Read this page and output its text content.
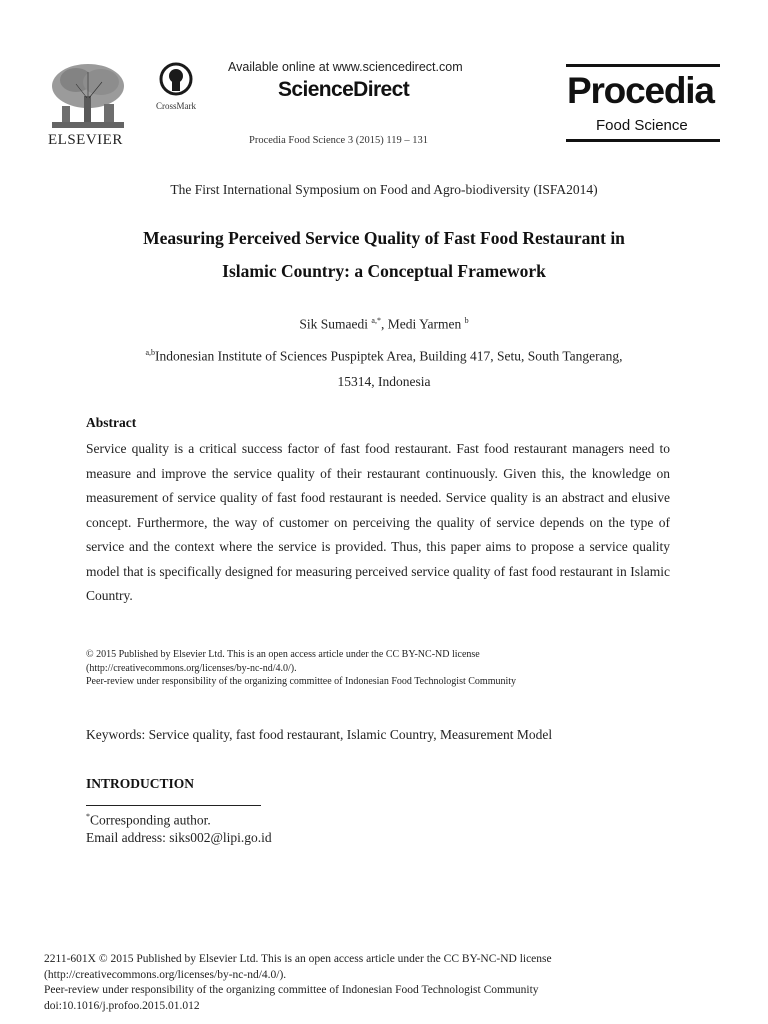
ELSEVIER
CrossMark
Available online at www.sciencedirect.com
ScienceDirect
Procedia Food Science 3 (2015) 119 – 131
Procedia
Food Science
The First International Symposium on Food and Agro-biodiversity (ISFA2014)
Measuring Perceived Service Quality of Fast Food Restaurant in
Islamic Country: a Conceptual Framework
Sik Sumaedi $^{a,*}$, Medi Yarmen $^b$
$^{a,b}$Indonesian Institute of Sciences Puspiptek Area, Building 417, Setu, South Tangerang,
15314, Indonesia
Abstract
Service quality is a critical success factor of fast food restaurant. Fast food restaurant managers need to measure and improve the service quality of their restaurant continuously. Given this, the knowledge on measurement of service quality of fast food restaurant is needed. Service quality is an abstract and elusive concept. Furthermore, the way of customer on perceiving the quality of service depends on the type of service and the context where the service is provided. Thus, this paper aims to propose a service quality model that is specifically designed for measuring perceived service quality of fast food restaurant in Islamic Country.
© 2015 Published by Elsevier Ltd. This is an open access article under the CC BY-NC-ND license
(http://creativecommons.org/licenses/by-nc-nd/4.0/).
Peer-review under responsibility of the organizing committee of Indonesian Food Technologist Community
Keywords: Service quality, fast food restaurant, Islamic Country, Measurement Model
INTRODUCTION
*Corresponding author.
Email address: siks002@lipi.go.id
2211-601X © 2015 Published by Elsevier Ltd. This is an open access article under the CC BY-NC-ND license
(http://creativecommons.org/licenses/by-nc-nd/4.0/).
Peer-review under responsibility of the organizing committee of Indonesian Food Technologist Community
doi:10.1016/j.profoo.2015.01.012
